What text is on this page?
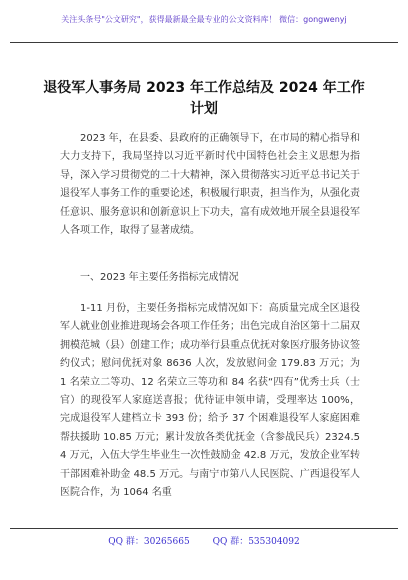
关注头条号"公文研究"，获得最新最全最专业的公文资料库！ 微信：gongwenyj
退役军人事务局 2023 年工作总结及 2024 年工作计划

2023 年，在县委、县政府的正确领导下，在市局的精心指导和大力支持下，我局坚持以习近平新时代中国特色社会主义思想为指导，深入学习贯彻党的二十大精神，深入贯彻落实习近平总书记关于退役军人事务工作的重要论述，积极履行职责，担当作为，从强化责任意识、服务意识和创新意识上下功夫，富有成效地开展全县退役军人各项工作，取得了显著成绩。

一、2023 年主要任务指标完成情况

1-11 月份，主要任务指标完成情况如下：高质量完成全区退役军人就业创业推进现场会各项工作任务；出色完成自治区第十二届双拥模范城（县）创建工作；成功举行县重点优抚对象医疗服务协议签约仪式；慰问优抚对象 8636 人次，发放慰问金 179.83 万元；为 1 名荣立二等功、12 名荣立三等功和 84 名获“四有”优秀士兵（士官）的现役军人家庭送喜报；优待证申领申请，受理率达 100%，完成退役军人建档立卡 393 份；给予 37 个困难退役军人家庭困难帮扶援助 10.85 万元；累计发放各类优抚金（含参战民兵）2324.54 万元，入伍大学生毕业生一次性鼓励金 42.8 万元，发放企业军转干部困难补助金 48.5 万元。与南宁市第八人民医院、广西退役军人医院合作，为 1064 名重

QQ 群：30265665	QQ 群：535304092
